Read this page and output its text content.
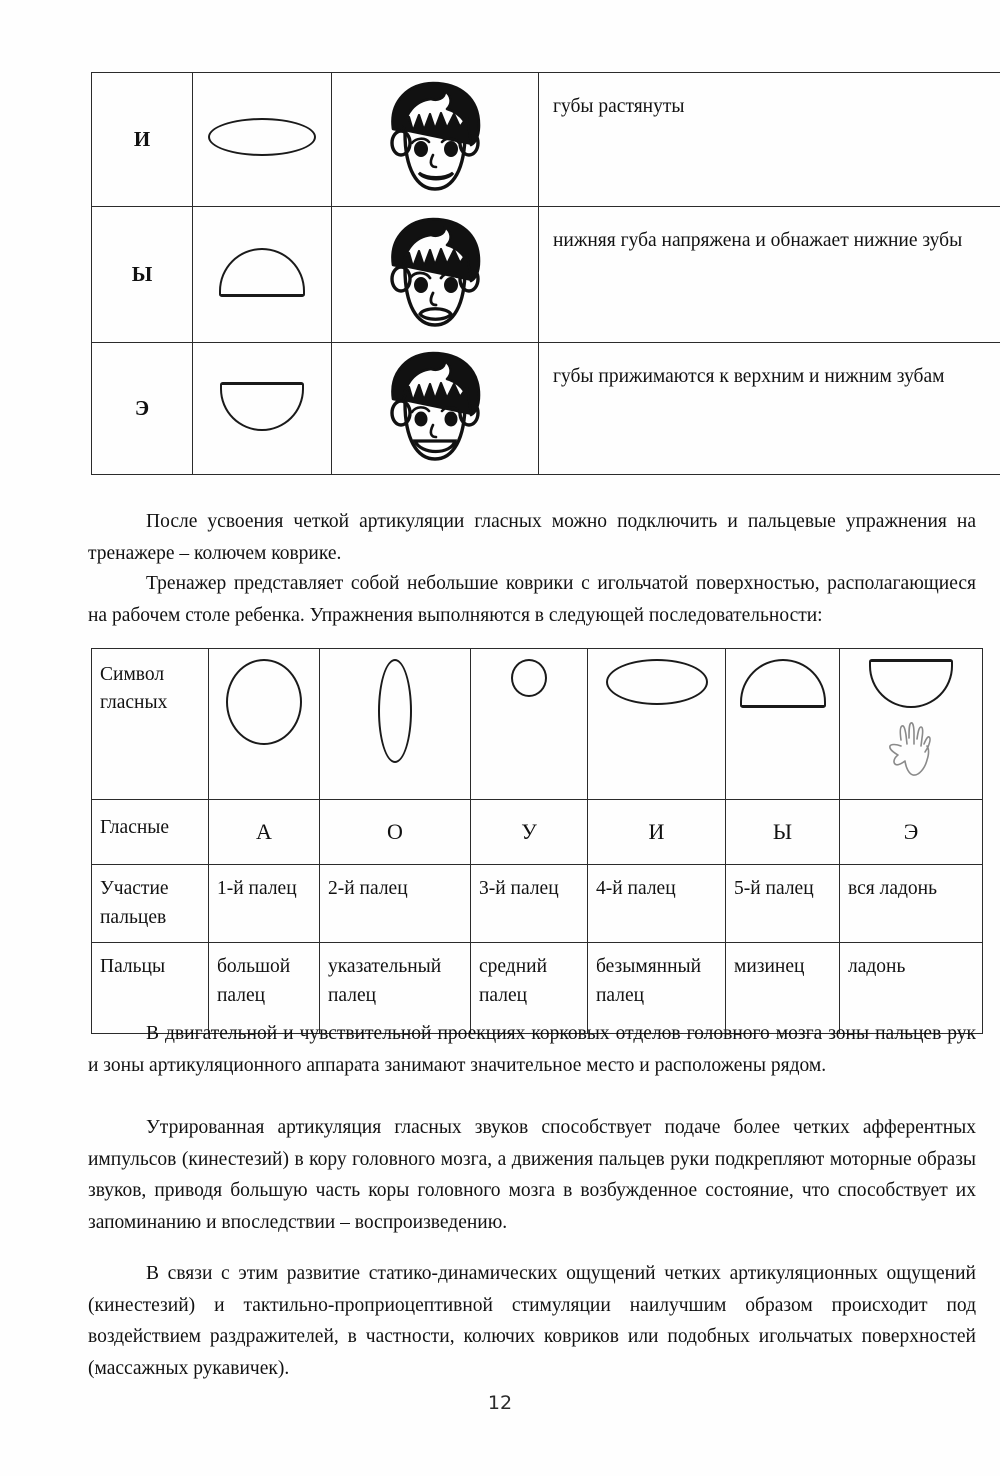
И			губы растянуты

Ы			нижняя губа напряжена и обнажает нижние зубы

Э			губы прижимаются к верхним и нижним зубам
После усвоения четкой артикуляции гласных можно подключить и пальцевые упражнения на тренажере – колючем коврике.
Тренажер представляет собой небольшие коврики с игольчатой поверхностью, располагающиеся на рабочем столе ребенка. Упражнения выполняются в следующей последовательности:
Символ гласных						

Гласные	А	О	У	И	Ы	Э
Участие пальцев	1-й палец	2-й палец	3-й палец	4-й палец	5-й палец	вся ладонь
Пальцы	большой палец	указательный палец	средний палец	безымянный палец	мизинец	ладонь
В двигательной и чувствительной проекциях корковых отделов головного мозга зоны пальцев рук и зоны артикуляционного аппарата занимают значительное место и расположены рядом.
Утрированная артикуляция гласных звуков способствует подаче более четких афферентных импульсов (кинестезий) в кору головного мозга, а движения пальцев руки подкрепляют моторные образы звуков, приводя большую часть коры головного мозга в возбужденное состояние, что способствует их запоминанию и впоследствии – воспроизведению.
В связи с этим развитие статико-динамических ощущений четких артикуляционных ощущений (кинестезий) и тактильно-проприоцептивной стимуляции наилучшим образом происходит под воздействием раздражителей, в частности, колючих ковриков или подобных игольчатых поверхностей (массажных рукавичек).
12
